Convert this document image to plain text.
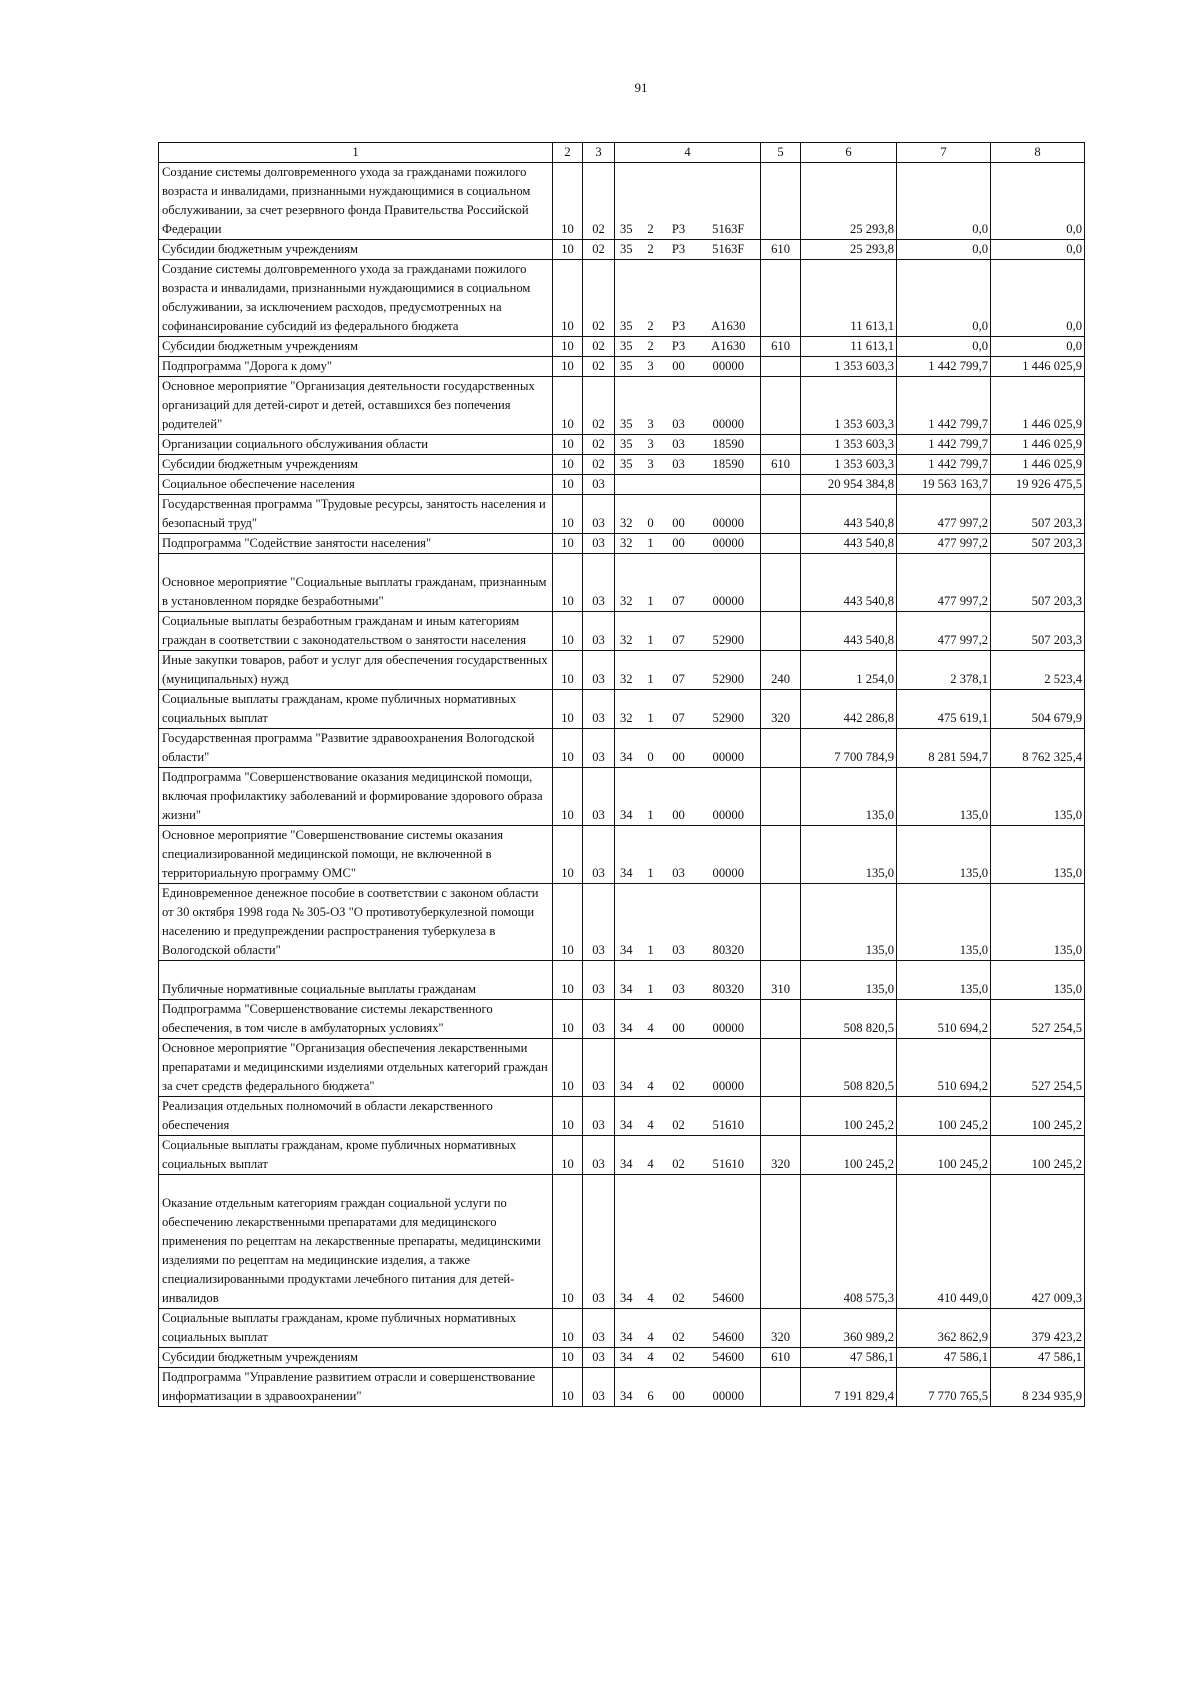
91
1	2	3	4				5	6	7	8
Создание системы долговременного ухода за гражданами пожилого возраста и инвалидами, признанными нуждающимися в социальном обслуживании, за счет резервного фонда Правительства Российской Федерации	10	02	35	2	Р3	5163F		25 293,8	0,0	0,0
Субсидии бюджетным учреждениям	10	02	35	2	Р3	5163F	610	25 293,8	0,0	0,0
Создание системы долговременного ухода за гражданами пожилого возраста и инвалидами, признанными нуждающимися в социальном обслуживании, за исключением расходов, предусмотренных на софинансирование субсидий из федерального бюджета	10	02	35	2	Р3	А1630		11 613,1	0,0	0,0
Субсидии бюджетным учреждениям	10	02	35	2	Р3	А1630	610	11 613,1	0,0	0,0
Подпрограмма "Дорога к дому"	10	02	35	3	00	00000		1 353 603,3	1 442 799,7	1 446 025,9
Основное мероприятие "Организация деятельности государственных организаций для детей-сирот и детей, оставшихся без попечения родителей"	10	02	35	3	03	00000		1 353 603,3	1 442 799,7	1 446 025,9
Организации социального обслуживания области	10	02	35	3	03	18590		1 353 603,3	1 442 799,7	1 446 025,9
Субсидии бюджетным учреждениям	10	02	35	3	03	18590	610	1 353 603,3	1 442 799,7	1 446 025,9
Социальное обеспечение населения	10	03						20 954 384,8	19 563 163,7	19 926 475,5
Государственная программа "Трудовые ресурсы, занятость населения и безопасный труд"	10	03	32	0	00	00000		443 540,8	477 997,2	507 203,3
Подпрограмма "Содействие занятости населения"	10	03	32	1	00	00000		443 540,8	477 997,2	507 203,3

Основное мероприятие "Социальные выплаты гражданам, признанным в установленном порядке безработными"	10	03	32	1	07	00000		443 540,8	477 997,2	507 203,3
Социальные выплаты безработным гражданам и иным категориям граждан в соответствии с законодательством о занятости населения	10	03	32	1	07	52900		443 540,8	477 997,2	507 203,3
Иные закупки товаров, работ и услуг для обеспечения государственных (муниципальных) нужд	10	03	32	1	07	52900	240	1 254,0	2 378,1	2 523,4
Социальные выплаты гражданам, кроме публичных нормативных социальных выплат	10	03	32	1	07	52900	320	442 286,8	475 619,1	504 679,9
Государственная программа "Развитие здравоохранения Вологодской области"	10	03	34	0	00	00000		7 700 784,9	8 281 594,7	8 762 325,4
Подпрограмма "Совершенствование оказания медицинской помощи, включая профилактику заболеваний и формирование здорового образа жизни"	10	03	34	1	00	00000		135,0	135,0	135,0
Основное мероприятие "Совершенствование системы оказания специализированной медицинской помощи, не включенной в территориальную программу ОМС"	10	03	34	1	03	00000		135,0	135,0	135,0
Единовременное денежное пособие в соответствии с законом области от 30 октября 1998 года № 305-ОЗ "О противотуберкулезной помощи населению и предупреждении распространения туберкулеза в Вологодской области"	10	03	34	1	03	80320		135,0	135,0	135,0

Публичные нормативные социальные выплаты гражданам	10	03	34	1	03	80320	310	135,0	135,0	135,0
Подпрограмма "Совершенствование системы лекарственного обеспечения, в том числе в амбулаторных условиях"	10	03	34	4	00	00000		508 820,5	510 694,2	527 254,5
Основное мероприятие "Организация обеспечения лекарственными препаратами и медицинскими изделиями отдельных категорий граждан за счет средств федерального бюджета"	10	03	34	4	02	00000		508 820,5	510 694,2	527 254,5
Реализация отдельных полномочий в области лекарственного обеспечения	10	03	34	4	02	51610		100 245,2	100 245,2	100 245,2
Социальные выплаты гражданам, кроме публичных нормативных социальных выплат	10	03	34	4	02	51610	320	100 245,2	100 245,2	100 245,2

Оказание отдельным категориям граждан социальной услуги по обеспечению лекарственными препаратами для медицинского применения по рецептам на лекарственные препараты, медицинскими изделиями по рецептам на медицинские изделия, а также специализированными продуктами лечебного питания для детей-инвалидов	10	03	34	4	02	54600		408 575,3	410 449,0	427 009,3
Социальные выплаты гражданам, кроме публичных нормативных социальных выплат	10	03	34	4	02	54600	320	360 989,2	362 862,9	379 423,2
Субсидии бюджетным учреждениям	10	03	34	4	02	54600	610	47 586,1	47 586,1	47 586,1
Подпрограмма "Управление развитием отрасли и совершенствование информатизации в здравоохранении"	10	03	34	6	00	00000		7 191 829,4	7 770 765,5	8 234 935,9
